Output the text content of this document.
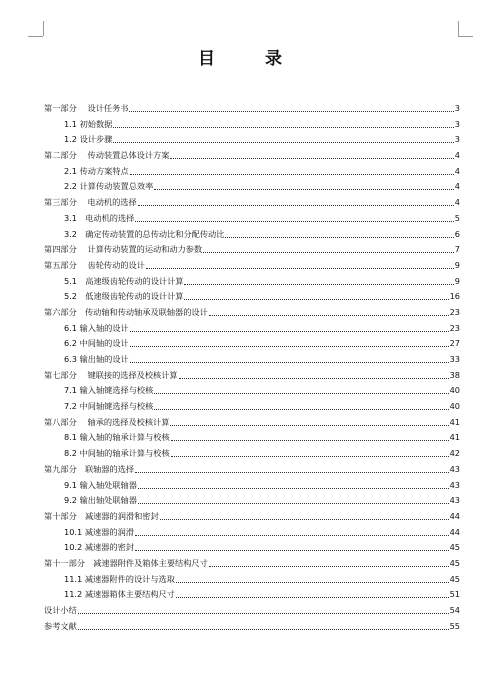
目 录
第一部分　 设计任务书	3
1.1 初始数据	3
1.2 设计步骤	3
第二部分　 传动装置总体设计方案	4
2.1 传动方案特点	4
2.2 计算传动装置总效率	4
第三部分　 电动机的选择	4
3.1　电动机的选择	5
3.2　确定传动装置的总传动比和分配传动比	6
第四部分　 计算传动装置的运动和动力参数	7
第五部分　 齿轮传动的设计	9
5.1　高速级齿轮传动的设计计算	9
5.2　低速级齿轮传动的设计计算	16
第六部分　传动轴和传动轴承及联轴器的设计	23
6.1 输入轴的设计	23
6.2 中间轴的设计	27
6.3 输出轴的设计	33
第七部分　 键联接的选择及校核计算	38
7.1 输入轴键选择与校核	40
7.2 中间轴键选择与校核	40
第八部分　 轴承的选择及校核计算	41
8.1 输入轴的轴承计算与校核	41
8.2 中间轴的轴承计算与校核	42
第九部分　联轴器的选择	43
9.1 输入轴处联轴器	43
9.2 输出轴处联轴器	43
第十部分　减速器的润滑和密封	44
10.1 减速器的润滑	44
10.2 减速器的密封	45
第十一部分　减速器附件及箱体主要结构尺寸	45
11.1 减速器附件的设计与选取	45
11.2 减速器箱体主要结构尺寸	51
设计小结	54
参考文献	55
